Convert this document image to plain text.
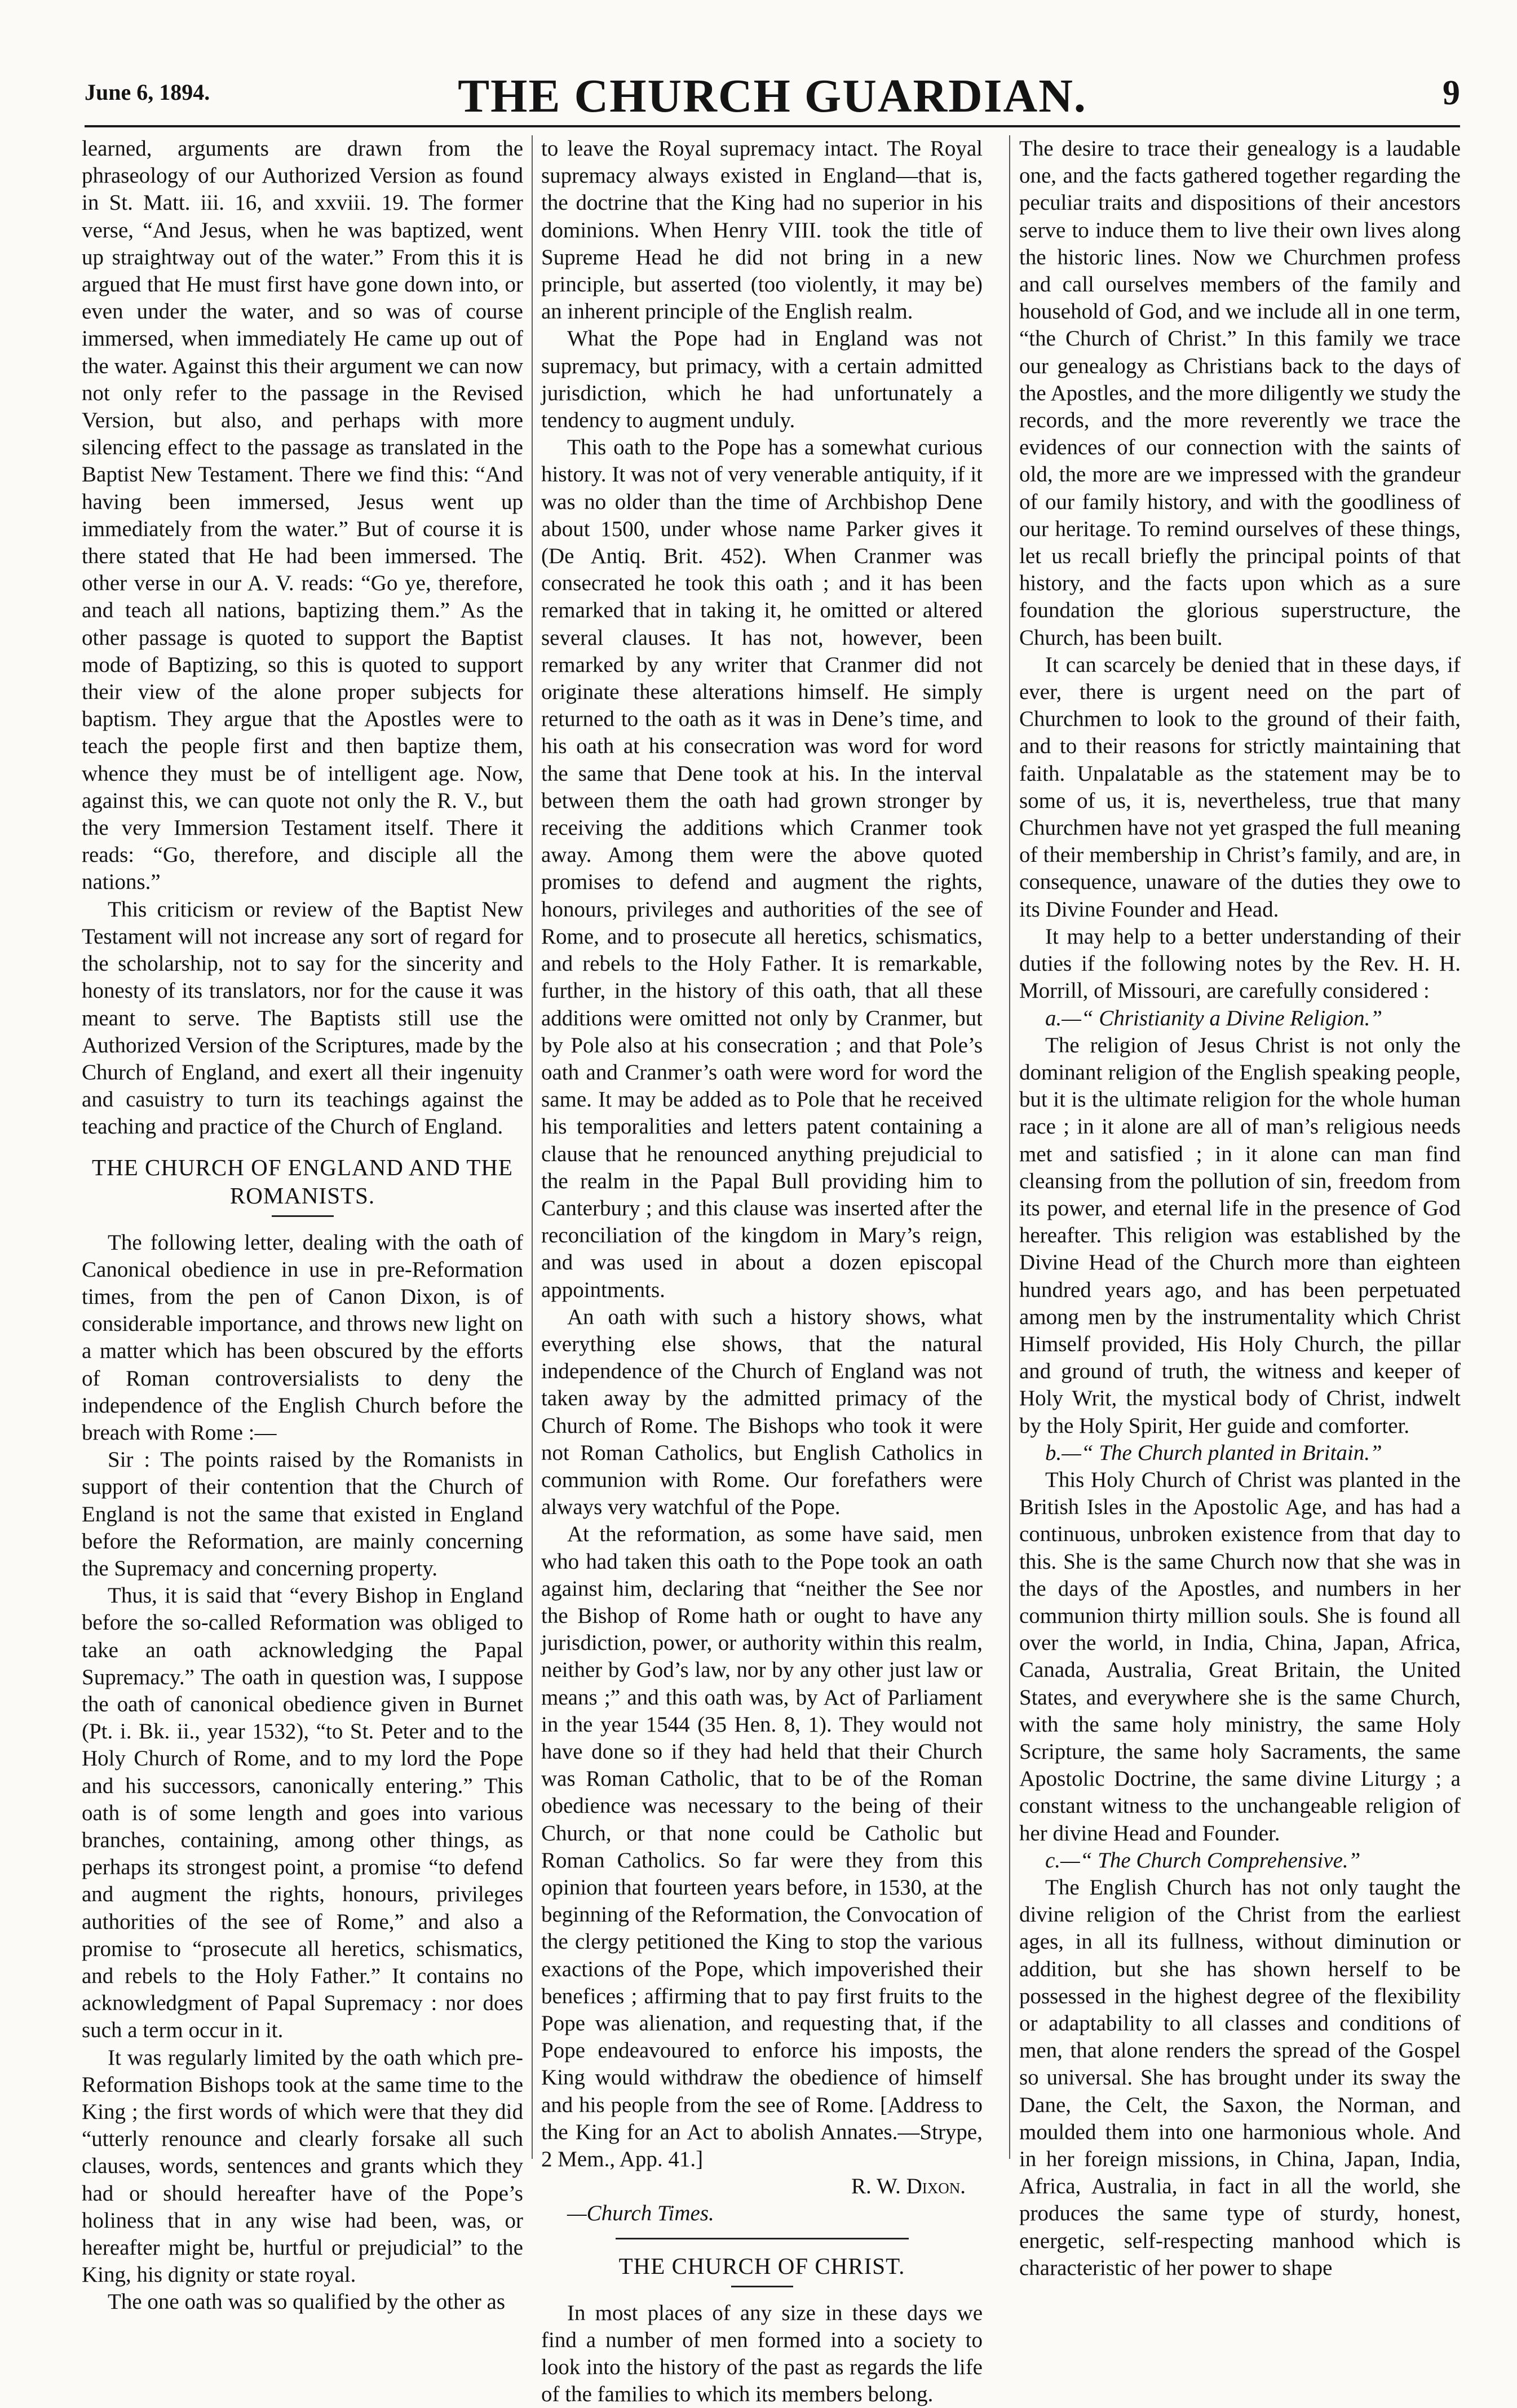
June 6, 1894.	THE CHURCH GUARDIAN.	9

learned, arguments are drawn from the phraseology of our Authorized Version as found in St. Matt. iii. 16, and xxviii. 19. The former verse, “And Jesus, when he was baptized, went up straightway out of the water.” From this it is argued that He must first have gone down into, or even under the water, and so was of course immersed, when immediately He came up out of the water. Against this their argument we can now not only refer to the passage in the Revised Version, but also, and perhaps with more silencing effect to the passage as translated in the Baptist New Testament. There we find this: “And having been immersed, Jesus went up immediately from the water.” But of course it is there stated that He had been immersed. The other verse in our A. V. reads: “Go ye, therefore, and teach all nations, baptizing them.” As the other passage is quoted to support the Baptist mode of Baptizing, so this is quoted to support their view of the alone proper subjects for baptism. They argue that the Apostles were to teach the people first and then baptize them, whence they must be of intelligent age. Now, against this, we can quote not only the R. V., but the very Immersion Testament itself. There it reads: “Go, therefore, and disciple all the nations.”

This criticism or review of the Baptist New Testament will not increase any sort of regard for the scholarship, not to say for the sincerity and honesty of its translators, nor for the cause it was meant to serve. The Baptists still use the Authorized Version of the Scriptures, made by the Church of England, and exert all their ingenuity and casuistry to turn its teachings against the teaching and practice of the Church of England.

THE CHURCH OF ENGLAND AND THE ROMANISTS.

The following letter, dealing with the oath of Canonical obedience in use in pre-Reformation times, from the pen of Canon Dixon, is of considerable importance, and throws new light on a matter which has been obscured by the efforts of Roman controversialists to deny the independence of the English Church before the breach with Rome :—

Sir : The points raised by the Romanists in support of their contention that the Church of England is not the same that existed in England before the Reformation, are mainly concerning the Supremacy and concerning property.

Thus, it is said that “every Bishop in England before the so-called Reformation was obliged to take an oath acknowledging the Papal Supremacy.” The oath in question was, I suppose the oath of canonical obedience given in Burnet (Pt. i. Bk. ii., year 1532), “to St. Peter and to the Holy Church of Rome, and to my lord the Pope and his successors, canonically entering.” This oath is of some length and goes into various branches, containing, among other things, as perhaps its strongest point, a promise “to defend and augment the rights, honours, privileges authorities of the see of Rome,” and also a promise to “prosecute all heretics, schismatics, and rebels to the Holy Father.” It contains no acknowledgment of Papal Supremacy : nor does such a term occur in it.

It was regularly limited by the oath which pre-Reformation Bishops took at the same time to the King ; the first words of which were that they did “utterly renounce and clearly forsake all such clauses, words, sentences and grants which they had or should hereafter have of the Pope’s holiness that in any wise had been, was, or hereafter might be, hurtful or prejudicial” to the King, his dignity or state royal.

The one oath was so qualified by the other as

to leave the Royal supremacy intact. The Royal supremacy always existed in England—that is, the doctrine that the King had no superior in his dominions. When Henry VIII. took the title of Supreme Head he did not bring in a new principle, but asserted (too violently, it may be) an inherent principle of the English realm.

What the Pope had in England was not supremacy, but primacy, with a certain admitted jurisdiction, which he had unfortunately a tendency to augment unduly.

This oath to the Pope has a somewhat curious history. It was not of very venerable antiquity, if it was no older than the time of Archbishop Dene about 1500, under whose name Parker gives it (De Antiq. Brit. 452). When Cranmer was consecrated he took this oath ; and it has been remarked that in taking it, he omitted or altered several clauses. It has not, however, been remarked by any writer that Cranmer did not originate these alterations himself. He simply returned to the oath as it was in Dene’s time, and his oath at his consecration was word for word the same that Dene took at his. In the interval between them the oath had grown stronger by receiving the additions which Cranmer took away. Among them were the above quoted promises to defend and augment the rights, honours, privileges and authorities of the see of Rome, and to prosecute all heretics, schismatics, and rebels to the Holy Father. It is remarkable, further, in the history of this oath, that all these additions were omitted not only by Cranmer, but by Pole also at his consecration ; and that Pole’s oath and Cranmer’s oath were word for word the same. It may be added as to Pole that he received his temporalities and letters patent containing a clause that he renounced anything prejudicial to the realm in the Papal Bull providing him to Canterbury ; and this clause was inserted after the reconciliation of the kingdom in Mary’s reign, and was used in about a dozen episcopal appointments.

An oath with such a history shows, what everything else shows, that the natural independence of the Church of England was not taken away by the admitted primacy of the Church of Rome. The Bishops who took it were not Roman Catholics, but English Catholics in communion with Rome. Our forefathers were always very watchful of the Pope.

At the reformation, as some have said, men who had taken this oath to the Pope took an oath against him, declaring that “neither the See nor the Bishop of Rome hath or ought to have any jurisdiction, power, or authority within this realm, neither by God’s law, nor by any other just law or means ;” and this oath was, by Act of Parliament in the year 1544 (35 Hen. 8, 1). They would not have done so if they had held that their Church was Roman Catholic, that to be of the Roman obedience was necessary to the being of their Church, or that none could be Catholic but Roman Catholics. So far were they from this opinion that fourteen years before, in 1530, at the beginning of the Reformation, the Convocation of the clergy petitioned the King to stop the various exactions of the Pope, which impoverished their benefices ; affirming that to pay first fruits to the Pope was alienation, and requesting that, if the Pope endeavoured to enforce his imposts, the King would withdraw the obedience of himself and his people from the see of Rome. [Address to the King for an Act to abolish Annates.—Strype, 2 Mem., App. 41.]

R. W. Dixon.

—Church Times.

THE CHURCH OF CHRIST.

In most places of any size in these days we find a number of men formed into a society to look into the history of the past as regards the life of the families to which its members belong.

The desire to trace their genealogy is a laudable one, and the facts gathered together regarding the peculiar traits and dispositions of their ancestors serve to induce them to live their own lives along the historic lines. Now we Churchmen profess and call ourselves members of the family and household of God, and we include all in one term, “the Church of Christ.” In this family we trace our genealogy as Christians back to the days of the Apostles, and the more diligently we study the records, and the more reverently we trace the evidences of our connection with the saints of old, the more are we impressed with the grandeur of our family history, and with the goodliness of our heritage. To remind ourselves of these things, let us recall briefly the principal points of that history, and the facts upon which as a sure foundation the glorious superstructure, the Church, has been built.

It can scarcely be denied that in these days, if ever, there is urgent need on the part of Churchmen to look to the ground of their faith, and to their reasons for strictly maintaining that faith. Unpalatable as the statement may be to some of us, it is, nevertheless, true that many Churchmen have not yet grasped the full meaning of their membership in Christ’s family, and are, in consequence, unaware of the duties they owe to its Divine Founder and Head.

It may help to a better understanding of their duties if the following notes by the Rev. H. H. Morrill, of Missouri, are carefully considered :

a.—“ Christianity a Divine Religion.”

The religion of Jesus Christ is not only the dominant religion of the English speaking people, but it is the ultimate religion for the whole human race ; in it alone are all of man’s religious needs met and satisfied ; in it alone can man find cleansing from the pollution of sin, freedom from its power, and eternal life in the presence of God hereafter. This religion was established by the Divine Head of the Church more than eighteen hundred years ago, and has been perpetuated among men by the instrumentality which Christ Himself provided, His Holy Church, the pillar and ground of truth, the witness and keeper of Holy Writ, the mystical body of Christ, indwelt by the Holy Spirit, Her guide and comforter.

b.—“ The Church planted in Britain.”

This Holy Church of Christ was planted in the British Isles in the Apostolic Age, and has had a continuous, unbroken existence from that day to this. She is the same Church now that she was in the days of the Apostles, and numbers in her communion thirty million souls. She is found all over the world, in India, China, Japan, Africa, Canada, Australia, Great Britain, the United States, and everywhere she is the same Church, with the same holy ministry, the same Holy Scripture, the same holy Sacraments, the same Apostolic Doctrine, the same divine Liturgy ; a constant witness to the unchangeable religion of her divine Head and Founder.

c.—“ The Church Comprehensive.”

The English Church has not only taught the divine religion of the Christ from the earliest ages, in all its fullness, without diminution or addition, but she has shown herself to be possessed in the highest degree of the flexibility or adaptability to all classes and conditions of men, that alone renders the spread of the Gospel so universal. She has brought under its sway the Dane, the Celt, the Saxon, the Norman, and moulded them into one harmonious whole. And in her foreign missions, in China, Japan, India, Africa, Australia, in fact in all the world, she produces the same type of sturdy, honest, energetic, self-respecting manhood which is characteristic of her power to shape
